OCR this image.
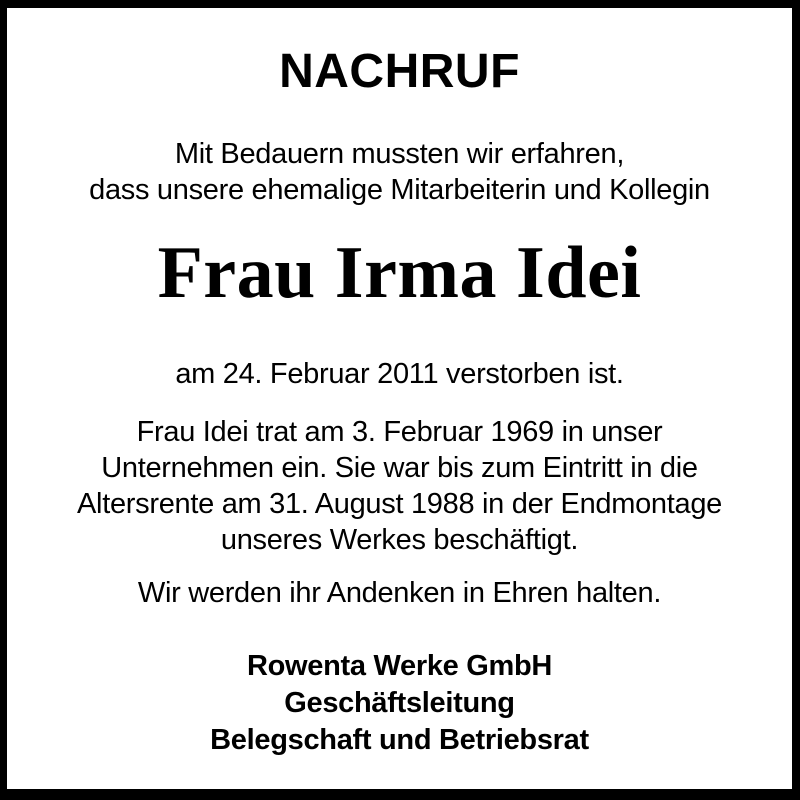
NACHRUF

Mit Bedauern mussten wir erfahren,
dass unsere ehemalige Mitarbeiterin und Kollegin

Frau Irma Idei

am 24. Februar 2011 verstorben ist.

Frau Idei trat am 3. Februar 1969 in unser
Unternehmen ein. Sie war bis zum Eintritt in die
Altersrente am 31. August 1988 in der Endmontage
unseres Werkes beschäftigt.

Wir werden ihr Andenken in Ehren halten.

Rowenta Werke GmbH
Geschäftsleitung
Belegschaft und Betriebsrat
